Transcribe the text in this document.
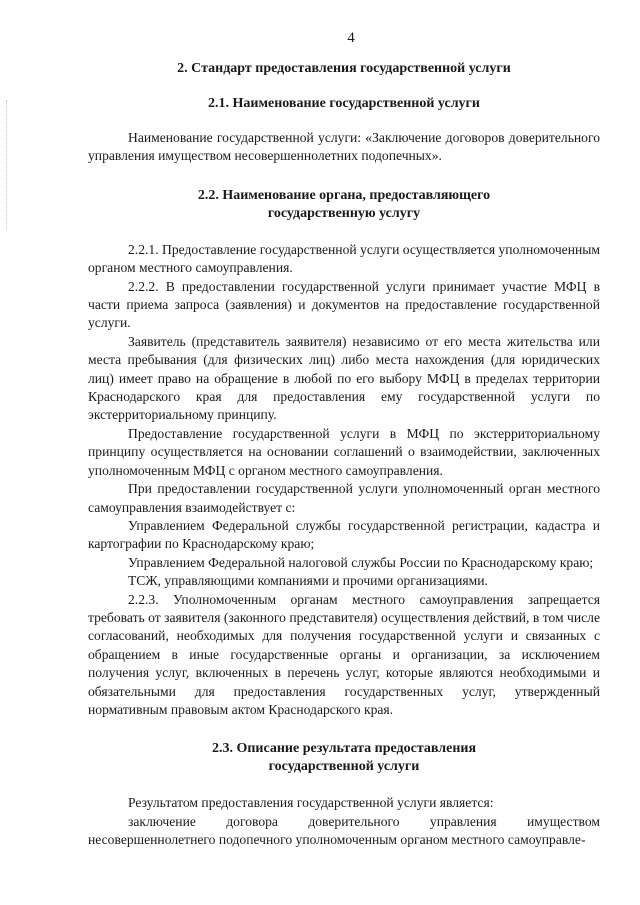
4
2. Стандарт предоставления государственной услуги
2.1. Наименование государственной услуги

Наименование государственной услуги: «Заключение договоров доверительного управления имуществом несовершеннолетних подопечных».

2.2. Наименование органа, предоставляющего
государственную услугу

2.2.1. Предоставление государственной услуги осуществляется уполномоченным органом местного самоуправления.

2.2.2. В предоставлении государственной услуги принимает участие МФЦ в части приема запроса (заявления) и документов на предоставление государственной услуги.

Заявитель (представитель заявителя) независимо от его места жительства или места пребывания (для физических лиц) либо места нахождения (для юридических лиц) имеет право на обращение в любой по его выбору МФЦ в пределах территории Краснодарского края для предоставления ему государственной услуги по экстерриториальному принципу.

Предоставление государственной услуги в МФЦ по экстерриториальному принципу осуществляется на основании соглашений о взаимодействии, заключенных уполномоченным МФЦ с органом местного самоуправления.

При предоставлении государственной услуги уполномоченный орган местного самоуправления взаимодействует с:

Управлением Федеральной службы государственной регистрации, кадастра и картографии по Краснодарскому краю;

Управлением Федеральной налоговой службы России по Краснодарскому краю;

ТСЖ, управляющими компаниями и прочими организациями.

2.2.3. Уполномоченным органам местного самоуправления запрещается требовать от заявителя (законного представителя) осуществления действий, в том числе согласований, необходимых для получения государственной услуги и связанных с обращением в иные государственные органы и организации, за исключением получения услуг, включенных в перечень услуг, которые являются необходимыми и обязательными для предоставления государственных услуг, утвержденный нормативным правовым актом Краснодарского края.

2.3. Описание результата предоставления
государственной услуги

Результатом предоставления государственной услуги является:

заключение договора доверительного управления имуществом несовершеннолетнего подопечного уполномоченным органом местного самоуправле-
